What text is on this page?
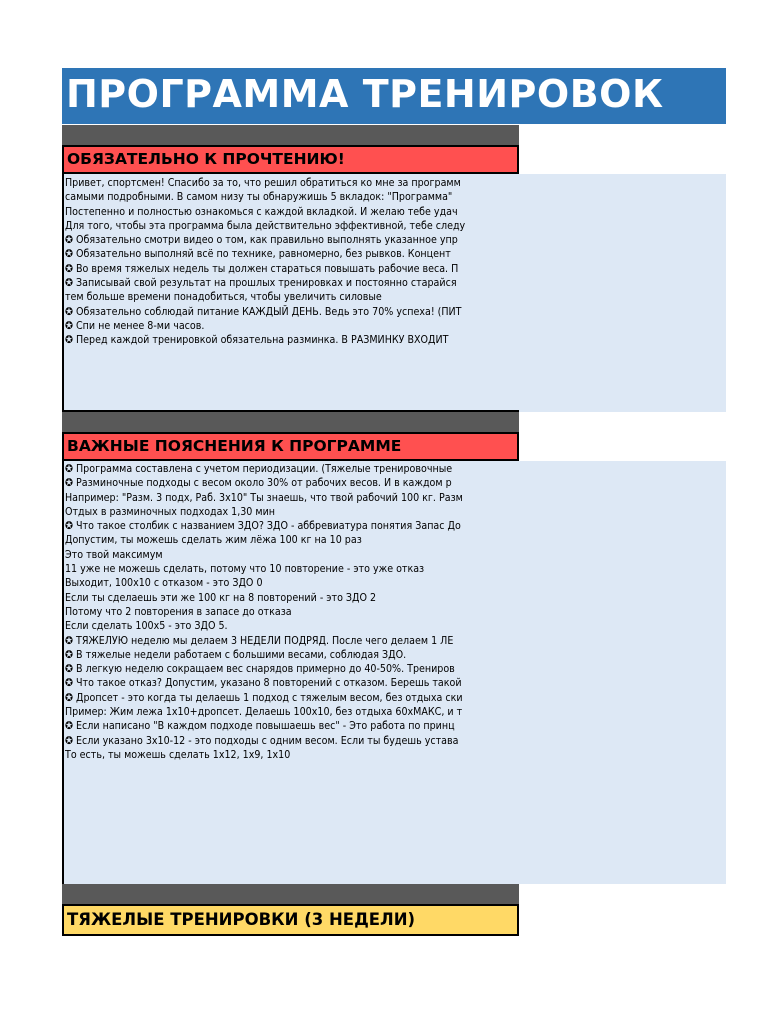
ПРОГРАММА ТРЕНИРОВОК
ОБЯЗАТЕЛЬНО К ПРОЧТЕНИЮ!
Привет, спортсмен! Спасибо за то, что решил обратиться ко мне за программ
самыми подробными. В самом низу ты обнаружишь 5 вкладок: "Программа"
Постепенно и полностью ознакомься с каждой вкладкой. И желаю тебе удач
Для того, чтобы эта программа была действительно эффективной, тебе следу
✪ Обязательно смотри видео о том, как правильно выполнять указанное упр
✪ Обязательно выполняй всё по технике, равномерно, без рывков. Концент
✪ Во время тяжелых недель ты должен стараться повышать рабочие веса. П
✪ Записывай свой результат на прошлых тренировках и постоянно старайся
тем больше времени понадобиться, чтобы увеличить силовые
✪ Обязательно соблюдай питание КАЖДЫЙ ДЕНЬ. Ведь это 70% успеха! (ПИТ
✪ Спи не менее 8-ми часов.
✪ Перед каждой тренировкой обязательна разминка. В РАЗМИНКУ ВХОДИТ
ВАЖНЫЕ ПОЯСНЕНИЯ К ПРОГРАММЕ
✪ Программа составлена с учетом периодизации. (Тяжелые тренировочные
✪ Разминочные подходы с весом около 30% от рабочих весов. И в каждом р
Например: "Разм. 3 подх, Раб. 3х10" Ты знаешь, что твой рабочий 100 кг. Разм
Отдых в разминочных подходах 1,30 мин
✪ Что такое столбик с названием ЗДО? ЗДО - аббревиатура понятия Запас До
Допустим, ты можешь сделать жим лёжа 100 кг на 10 раз
Это твой максимум
11 уже не можешь сделать, потому что 10 повторение - это уже отказ
Выходит, 100х10 с отказом - это ЗДО 0
Если ты сделаешь эти же 100 кг на 8 повторений - это ЗДО 2
Потому что 2 повторения в запасе до отказа
Если сделать 100х5 - это ЗДО 5.
✪ ТЯЖЕЛУЮ неделю мы делаем 3 НЕДЕЛИ ПОДРЯД. После чего делаем 1 ЛЕ
✪ В тяжелые недели работаем с большими весами, соблюдая ЗДО.
✪ В легкую неделю сокращаем вес снарядов примерно до 40-50%. Трениров
✪ Что такое отказ? Допустим, указано 8 повторений с отказом. Берешь такой
✪ Дропсет - это когда ты делаешь 1 подход с тяжелым весом, без отдыха ски
Пример: Жим лежа 1х10+дропсет. Делаешь 100х10, без отдыха 60хМАКС, и т
✪ Если написано "В каждом подходе повышаешь вес" - Это работа по принц
✪ Если указано 3х10-12 - это подходы с одним весом. Если ты будешь устава
То есть, ты можешь сделать 1х12, 1х9, 1х10
ТЯЖЕЛЫЕ ТРЕНИРОВКИ (3 НЕДЕЛИ)
